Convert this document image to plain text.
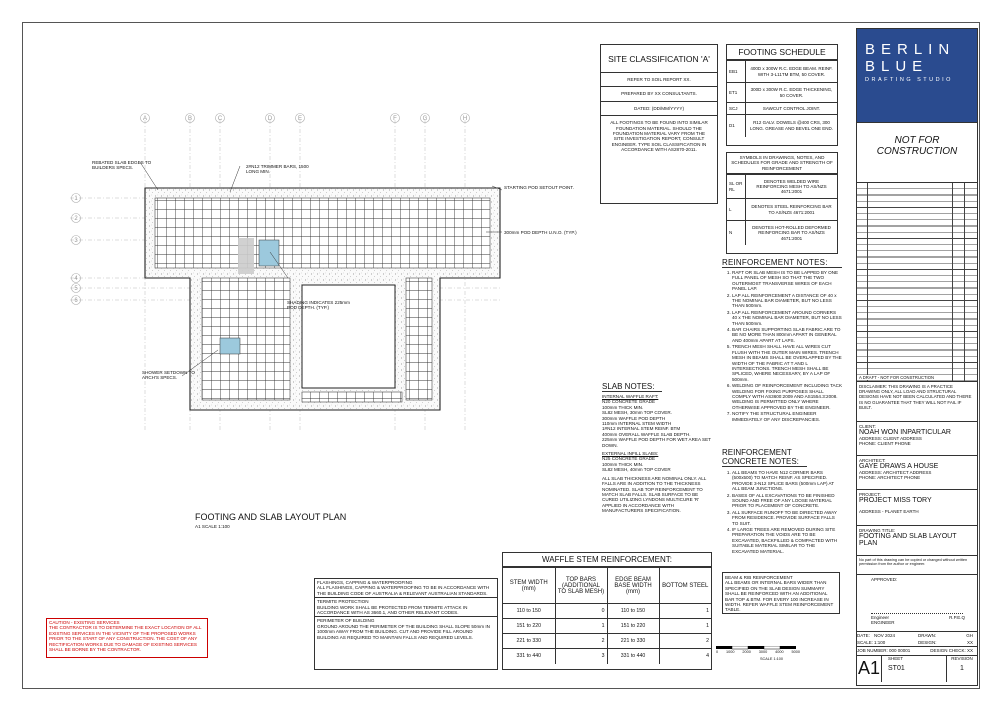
A	B	C	D	E	F	G	H
1
2
3
4
5
6
REBATED SLAB EDGES TO BUILDERS SPECS.	2#N12 TRIMMER BARS, 1500 LONG MIN.
STARTING POD SETOUT POINT.
300mm POD DEPTH U.N.O. (TYP.)
SHADING INDICATES 225mm POD DEPTH. (TYP.)
SHOWER SETDOWN TO ARCH'S SPECS.
FOOTING AND SLAB LAYOUT PLAN
A1 SCALE 1:100
0 1000 2000 3000 4000 5000
SCALE 1:100
SITE CLASSIFICATION 'A'
REFER TO SOIL REPORT XX.
PREPARED BY XX CONSULTANTS.
DATED: (DD/MM/YYYY)
ALL FOOTINGS TO BE FOUND INTO SIMILAR FOUNDATION MATERIAL. SHOULD THE FOUNDATION MATERIAL VARY FROM THE SITE INVESTIGATION REPORT, CONSULT ENGINEER. TYPE SOIL CLASSIFICATION IN ACCORDANCE WITH AS2870-2011.
FOOTING SCHEDULE
EB1	400D x 300W R.C. EDGE BEAM. REINF. WITH 3-L11TM BTM, 50 COVER.
ET1	300D x 300W R.C. EDGE THICKENING, 50 COVER.
SCJ	SAWCUT CONTROL JOINT.
D1	R12 GALV. DOWELS @400 CRS, 300 LONG. GREASE AND BEVEL ONE END.
SYMBOLS IN DRAWINGS, NOTES, AND SCHEDULES FOR GRADE AND STRENGTH OF REINFORCEMENT
SL OR RL	DENOTES WELDED WIRE REINFORCING MESH TO AS/NZS 4671:2001
L	DENOTES STEEL REINFORCING BAR TO AS/NZS 4671:2001
N	DENOTES HOT-ROLLED DEFORMED REINFORCING BAR TO AS/NZS 4671:2001
REINFORCEMENT NOTES:
1. RAFT OR SLAB MESH IS TO BE LAPPED BY ONE FULL PANEL OF MESH SO THAT THE TWO OUTERMOST TRANSVERSE WIRES OF EACH PANEL LAP.
2. LAP ALL REINFORCEMENT A DISTANCE OF 40 x THE NOMINAL BAR DIAMETER, BUT NO LESS THAN 500mm.
3. LAP ALL REINFORCEMENT AROUND CORNERS 40 x THE NOMINAL BAR DIAMETER, BUT NO LESS THAN 500mm.
4. BAR CHAIRS SUPPORTING SLAB FABRIC ARE TO BE NO MORE THAN 800mm APART IN GENERAL AND 400mm APART AT LAPS.
5. TRENCH MESH SHALL HAVE ALL WIRES CUT FLUSH WITH THE OUTER MAIN WIRES. TRENCH MESH IN BEAMS SHALL BE OVERLAPPED BY THE WIDTH OF THE FABRIC AT T AND L INTERSECTIONS. TRENCH MESH SHALL BE SPLICED, WHERE NECESSARY, BY A LAP OF 500mm.
6. WELDING OF REINFORCEMENT INCLUDING TACK WELDING FOR FIXING PURPOSES SHALL COMPLY WITH AS3600:2009 AND AS1554.3:2008. WELDING IS PERMITTED ONLY WHERE OTHERWISE APPROVED BY THE ENGINEER.
7. NOTIFY THE STRUCTURAL ENGINEER IMMEDIATELY OF ANY DISCREPANCIES.
REINFORCEMENT CONCRETE NOTES:
1. ALL BEAMS TO HAVE N12 CORNER BARS (500x500) TO MATCH REINF. AS SPECIFIED. PROVIDE 3-N12 SPLICE BARS (500mm LAP) AT ALL BEAM JUNCTIONS.
2. BASES OF ALL EXCAVATIONS TO BE FINISHED SOUND AND FREE OF ANY LOOSE MATERIAL PRIOR TO PLACEMENT OF CONCRETE.
3. ALL SURFACE RUNOFF TO BE DIRECTED AWAY FROM RESIDENCE. PROVIDE SURFACE FALLS TO SUIT.
4. IF LARGE TREES ARE REMOVED DURING SITE PREPARATION THE VOIDS ARE TO BE EXCAVATED, BACKFILLED & COMPACTED WITH SUITABLE MATERIAL SIMILAR TO THE EXCAVATED MATERIAL.
BEAM & RIB REINFORCEMENT
ALL BEAMS OR INTERNAL BARS WIDER THAN SPECIFIED ON THE SLAB DESIGN SUMMARY SHALL BE REINFORCED WITH AN ADDITIONAL BAR TOP & BTM. FOR EVERY 100 INCREASE IN WIDTH. REFER WAFFLE STEM REINFORCEMENT TABLE.
SLAB NOTES:
INTERNAL WAFFLE RAFT:
N20 CONCRETE GRADE
100mm THICK MIN.
SL82 MESH, 30mm TOP COVER.
300mm WAFFLE POD DEPTH
110mm INTERNAL STEM WIDTH
1#N12 INTERNAL STEM REINF. BTM
400mm OVERALL WAFFLE SLAB DEPTH.
225mm WAFFLE POD DEPTH FOR WET AREA SET DOWN.
EXTERNAL INFILL SLABS:
N25 CONCRETE GRADE
100mm THICK MIN.
SL82 MESH, 40mm TOP COVER
ALL SLAB THICKNESS ARE NOMINAL ONLY. ALL FALLS ARE IN ADDITION TO THE THICKNESS NOMINATED. SLAB TOP REINFORCEMENT TO MATCH SLAB FALLS. SLAB SURFACE TO BE CURED UTILIZING LYNDONS MULTICURE 'R' APPLIED IN ACCORDANCE WITH MANUFACTURERS SPECIFICATION.
WAFFLE STEM REINFORCEMENT:
STEM WIDTH (mm)	TOP BARS (ADDITIONAL TO SLAB MESH)	EDGE BEAM BASE WIDTH (mm)	BOTTOM STEEL
110 to 150	0	110 to 150	1
151 to 220	1	151 to 220	1
221 to 330	2	221 to 330	2
331 to 440	3	331 to 440	4
FLASHINGS, CAPPING & WATERPROOFING
ALL FLASHINGS, CAPPING & WATERPROOFING TO BE IN ACCORDANCE WITH THE BUILDING CODE OF AUSTRALIA & RELEVANT AUSTRALIAN STANDARDS.
TERMITE PROTECTION
BUILDING WORK SHALL BE PROTECTED FROM TERMITE ATTACK IN ACCORDANCE WITH AS 3660.1, AND OTHER RELEVANT CODES.
PERIMETER OF BUILDING
GROUND AROUND THE PERIMETER OF THE BUILDING SHALL SLOPE 50mm IN 1000mm AWAY FROM THE BUILDING. CUT AND PROVIDE FILL AROUND BUILDING AS REQUIRED TO MAINTAIN FALLS AND REQUIRED LEVELS.
CAUTION - EXISTING SERVICES
THE CONTRACTOR IS TO DETERMINE THE EXACT LOCATION OF ALL EXISTING SERVICES IN THE VICINITY OF THE PROPOSED WORKS PRIOR TO THE START OF ANY CONSTRUCTION. THE COST OF ANY RECTIFICATION WORKS DUE TO DAMAGE OF EXISTING SERVICES SHALL BE BORNE BY THE CONTRACTOR.
BERLIN
BLUE
DRAFTING STUDIO
NOT FOR CONSTRUCTION
A DRAFT - NOT FOR CONSTRUCTION
DISCLAIMER: THIS DRAWING IS A PRACTICE DRAWING ONLY, ALL LOAD AND STRUCTURAL DESIGNS HAVE NOT BEEN CALCULATED AND THERE IS NO GUARANTEE THAT THEY WILL NOT FAIL IF BUILT.
CLIENT:
NOAH WON INPARTICULAR
ADDRESS: CLIENT ADDRESS
PHONE: CLIENT PHONE
ARCHITECT:
GAYE DRAWS A HOUSE
ADDRESS: ARCHITECT ADDRESS
PHONE: ARCHITECT PHONE
PROJECT:
PROJECT MISS TORY
ADDRESS - PLANET EARTH
DRAWING TITLE:
FOOTING AND SLAB LAYOUT PLAN
No part of this drawing can be copied or changed without written permission from the author or engineer.
APPROVED:
Engineer
ENGINEER
R.P.E.Q
DATE: NOV 2024	DRAWN:	GH
SCALE: 1:100	DESIGN:	XX
JOB NUMBER: 000 00001	DESIGN CHECK: XX
A1	SHEET
ST01
REVISION
1
